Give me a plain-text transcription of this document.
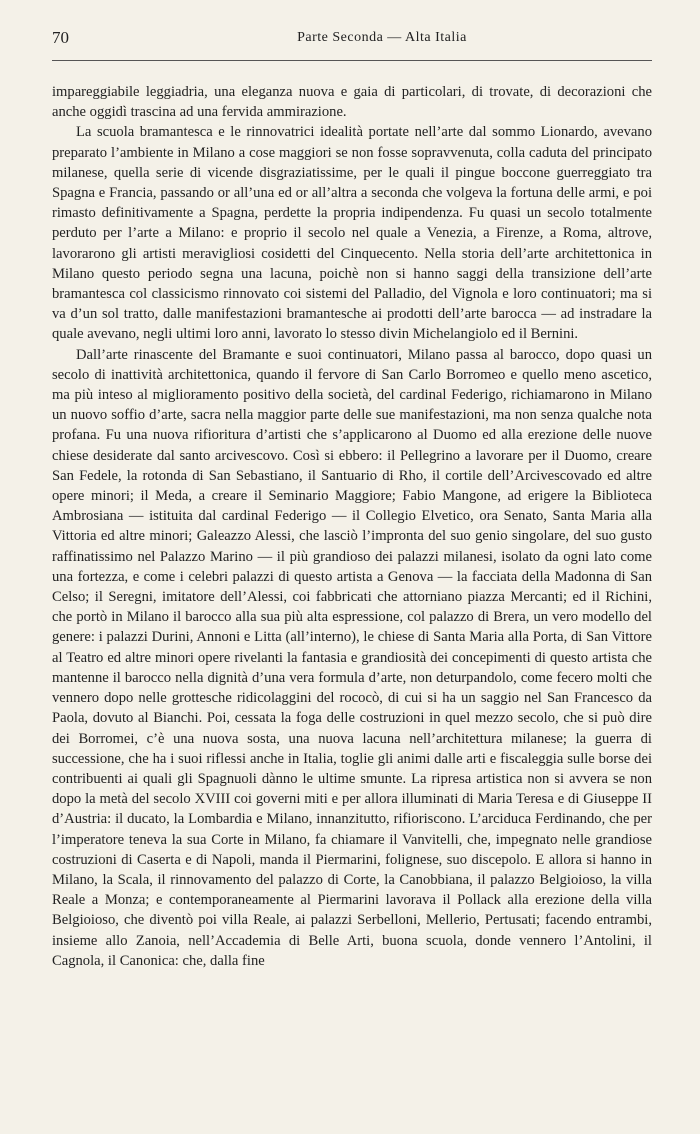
70	Parte Seconda — Alta Italia

impareggiabile leggiadria, una eleganza nuova e gaia di particolari, di trovate, di decorazioni che anche oggidì trascina ad una fervida ammirazione.

La scuola bramantesca e le rinnovatrici idealità portate nell’arte dal sommo Lionardo, avevano preparato l’ambiente in Milano a cose maggiori se non fosse sopravvenuta, colla caduta del principato milanese, quella serie di vicende disgraziatissime, per le quali il pingue boccone guerreggiato tra Spagna e Francia, passando or all’una ed or all’altra a seconda che volgeva la fortuna delle armi, e poi rimasto definitivamente a Spagna, perdette la propria indipendenza. Fu quasi un secolo totalmente perduto per l’arte a Milano: e proprio il secolo nel quale a Venezia, a Firenze, a Roma, altrove, lavorarono gli artisti meravigliosi cosidetti del Cinquecento. Nella storia dell’arte architettonica in Milano questo periodo segna una lacuna, poichè non si hanno saggi della transizione dell’arte bramantesca col classicismo rinnovato coi sistemi del Palladio, del Vignola e loro continuatori; ma si va d’un sol tratto, dalle manifestazioni bramantesche ai prodotti dell’arte barocca — ad instradare la quale avevano, negli ultimi loro anni, lavorato lo stesso divin Michelangiolo ed il Bernini.

Dall’arte rinascente del Bramante e suoi continuatori, Milano passa al barocco, dopo quasi un secolo di inattività architettonica, quando il fervore di San Carlo Borromeo e quello meno ascetico, ma più inteso al miglioramento positivo della società, del cardinal Federigo, richiamarono in Milano un nuovo soffio d’arte, sacra nella maggior parte delle sue manifestazioni, ma non senza qualche nota profana. Fu una nuova rifioritura d’artisti che s’applicarono al Duomo ed alla erezione delle nuove chiese desiderate dal santo arcivescovo. Così si ebbero: il Pellegrino a lavorare per il Duomo, creare San Fedele, la rotonda di San Sebastiano, il Santuario di Rho, il cortile dell’Arcivescovado ed altre opere minori; il Meda, a creare il Seminario Maggiore; Fabio Mangone, ad erigere la Biblioteca Ambrosiana — istituita dal cardinal Federigo — il Collegio Elvetico, ora Senato, Santa Maria alla Vittoria ed altre minori; Galeazzo Alessi, che lasciò l’impronta del suo genio singolare, del suo gusto raffinatissimo nel Palazzo Marino — il più grandioso dei palazzi milanesi, isolato da ogni lato come una fortezza, e come i celebri palazzi di questo artista a Genova — la facciata della Madonna di San Celso; il Seregni, imitatore dell’Alessi, coi fabbricati che attorniano piazza Mercanti; ed il Richini, che portò in Milano il barocco alla sua più alta espressione, col palazzo di Brera, un vero modello del genere: i palazzi Durini, Annoni e Litta (all’interno), le chiese di Santa Maria alla Porta, di San Vittore al Teatro ed altre minori opere rivelanti la fantasia e grandiosità dei concepimenti di questo artista che mantenne il barocco nella dignità d’una vera formula d’arte, non deturpandolo, come fecero molti che vennero dopo nelle grottesche ridicolaggini del rococò, di cui si ha un saggio nel San Francesco da Paola, dovuto al Bianchi. Poi, cessata la foga delle costruzioni in quel mezzo secolo, che si può dire dei Borromei, c’è una nuova sosta, una nuova lacuna nell’architettura milanese; la guerra di successione, che ha i suoi riflessi anche in Italia, toglie gli animi dalle arti e fiscaleggia sulle borse dei contribuenti ai quali gli Spagnuoli dànno le ultime smunte. La ripresa artistica non si avvera se non dopo la metà del secolo XVIII coi governi miti e per allora illuminati di Maria Teresa e di Giuseppe II d’Austria: il ducato, la Lombardia e Milano, innanzitutto, rifioriscono. L’arciduca Ferdinando, che per l’imperatore teneva la sua Corte in Milano, fa chiamare il Vanvitelli, che, impegnato nelle grandiose costruzioni di Caserta e di Napoli, manda il Piermarini, folignese, suo discepolo. E allora si hanno in Milano, la Scala, il rinnovamento del palazzo di Corte, la Canobbiana, il palazzo Belgioioso, la villa Reale a Monza; e contemporaneamente al Piermarini lavorava il Pollack alla erezione della villa Belgioioso, che diventò poi villa Reale, ai palazzi Serbelloni, Mellerio, Pertusati; facendo entrambi, insieme allo Zanoia, nell’Accademia di Belle Arti, buona scuola, donde vennero l’Antolini, il Cagnola, il Canonica: che, dalla fine
